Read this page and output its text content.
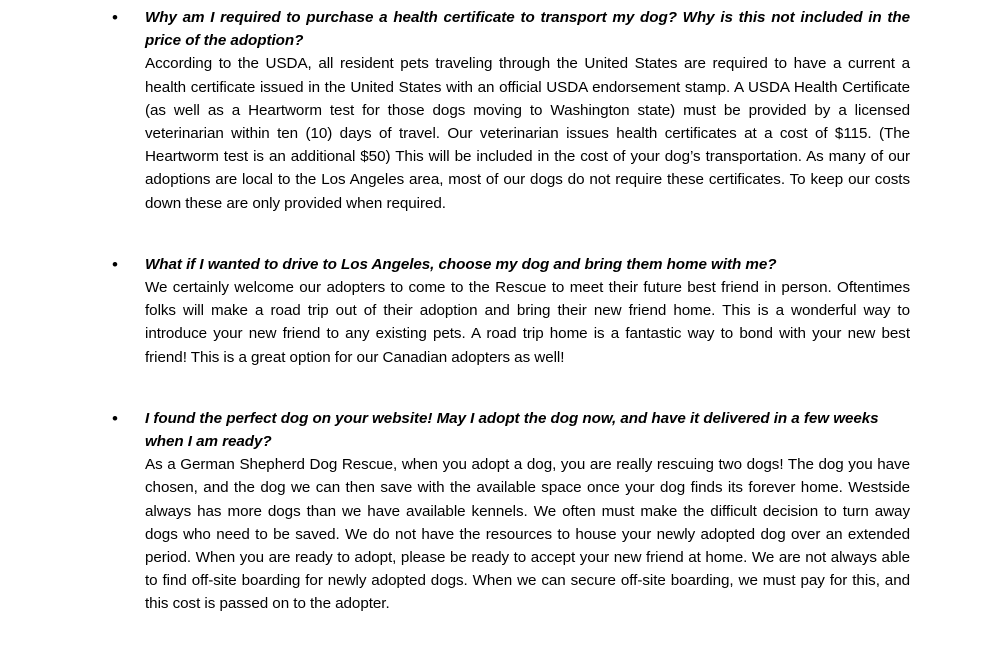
•	Why am I required to purchase a health certificate to transport my dog? Why is this not included in the price of the adoption?

According to the USDA, all resident pets traveling through the United States are required to have a current a health certificate issued in the United States with an official USDA endorsement stamp. A USDA Health Certificate (as well as a Heartworm test for those dogs moving to Washington state) must be provided by a licensed veterinarian within ten (10) days of travel. Our veterinarian issues health certificates at a cost of $115. (The Heartworm test is an additional $50) This will be included in the cost of your dog’s transportation. As many of our adoptions are local to the Los Angeles area, most of our dogs do not require these certificates. To keep our costs down these are only provided when required.

•	What if I wanted to drive to Los Angeles, choose my dog and bring them home with me?

We certainly welcome our adopters to come to the Rescue to meet their future best friend in person. Oftentimes folks will make a road trip out of their adoption and bring their new friend home. This is a wonderful way to introduce your new friend to any existing pets. A road trip home is a fantastic way to bond with your new best friend! This is a great option for our Canadian adopters as well!

•	I found the perfect dog on your website! May I adopt the dog now, and have it delivered in a few weeks when I am ready?

As a German Shepherd Dog Rescue, when you adopt a dog, you are really rescuing two dogs! The dog you have chosen, and the dog we can then save with the available space once your dog finds its forever home. Westside always has more dogs than we have available kennels. We often must make the difficult decision to turn away dogs who need to be saved. We do not have the resources to house your newly adopted dog over an extended period. When you are ready to adopt, please be ready to accept your new friend at home. We are not always able to find off-site boarding for newly adopted dogs. When we can secure off-site boarding, we must pay for this, and this cost is passed on to the adopter.
